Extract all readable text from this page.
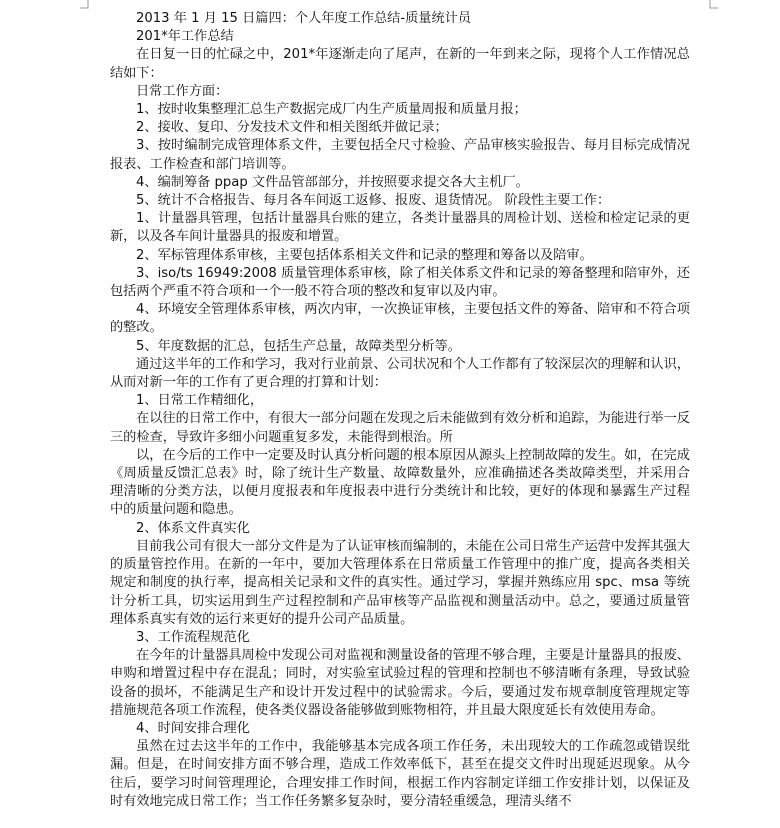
2013 年 1 月 15 日篇四：个人年度工作总结-质量统计员

201*年工作总结

在日复一日的忙碌之中，201*年逐渐走向了尾声，在新的一年到来之际，现将个人工作情况总结如下：

日常工作方面：

1、按时收集整理汇总生产数据完成厂内生产质量周报和质量月报；

2、接收、复印、分发技术文件和相关图纸并做记录；

3、按时编制完成管理体系文件，主要包括全尺寸检验、产品审核实验报告、每月目标完成情况报表、工作检查和部门培训等。

4、编制筹备 ppap 文件品管部部分，并按照要求提交各大主机厂。

5、统计不合格报告、每月各车间返工返修、报废、退货情况。 阶段性主要工作：

1、计量器具管理，包括计量器具台账的建立，各类计量器具的周检计划、送检和检定记录的更新，以及各车间计量器具的报废和增置。

2、军标管理体系审核，主要包括体系相关文件和记录的整理和筹备以及陪审。

3、iso/ts 16949:2008 质量管理体系审核，除了相关体系文件和记录的筹备整理和陪审外，还包括两个严重不符合项和一个一般不符合项的整改和复审以及内审。

4、环境安全管理体系审核，两次内审，一次换证审核，主要包括文件的筹备、陪审和不符合项的整改。

5、年度数据的汇总，包括生产总量，故障类型分析等。

通过这半年的工作和学习，我对行业前景、公司状况和个人工作都有了较深层次的理解和认识，从而对新一年的工作有了更合理的打算和计划：

1、日常工作精细化，

在以往的日常工作中，有很大一部分问题在发现之后未能做到有效分析和追踪，为能进行举一反三的检查，导致许多细小问题重复多发，未能得到根治。所

以，在今后的工作中一定要及时认真分析问题的根本原因从源头上控制故障的发生。如，在完成《周质量反馈汇总表》时，除了统计生产数量、故障数量外，应准确描述各类故障类型，并采用合理清晰的分类方法，以便月度报表和年度报表中进行分类统计和比较，更好的体现和暴露生产过程中的质量问题和隐患。

2、体系文件真实化

目前我公司有很大一部分文件是为了认证审核而编制的，未能在公司日常生产运营中发挥其强大的质量管控作用。在新的一年中，要加大管理体系在日常质量工作管理中的推广度，提高各类相关规定和制度的执行率，提高相关记录和文件的真实性。通过学习，掌握并熟练应用 spc、msa 等统计分析工具，切实运用到生产过程控制和产品审核等产品监视和测量活动中。总之，要通过质量管理体系真实有效的运行来更好的提升公司产品质量。

3、工作流程规范化

在今年的计量器具周检中发现公司对监视和测量设备的管理不够合理，主要是计量器具的报废、申购和增置过程中存在混乱；同时，对实验室试验过程的管理和控制也不够清晰有条理，导致试验设备的损坏，不能满足生产和设计开发过程中的试验需求。今后，要通过发布规章制度管理规定等措施规范各项工作流程，使各类仪器设备能够做到账物相符，并且最大限度延长有效使用寿命。

4、时间安排合理化

虽然在过去这半年的工作中，我能够基本完成各项工作任务，未出现较大的工作疏忽或错误纰漏。但是，在时间安排方面不够合理，造成工作效率低下，甚至在提交文件时出现延迟现象。从今往后，要学习时间管理理论，合理安排工作时间，根据工作内容制定详细工作安排计划，以保证及时有效地完成日常工作；当工作任务繁多复杂时，要分清轻重缓急，理清头绪不
